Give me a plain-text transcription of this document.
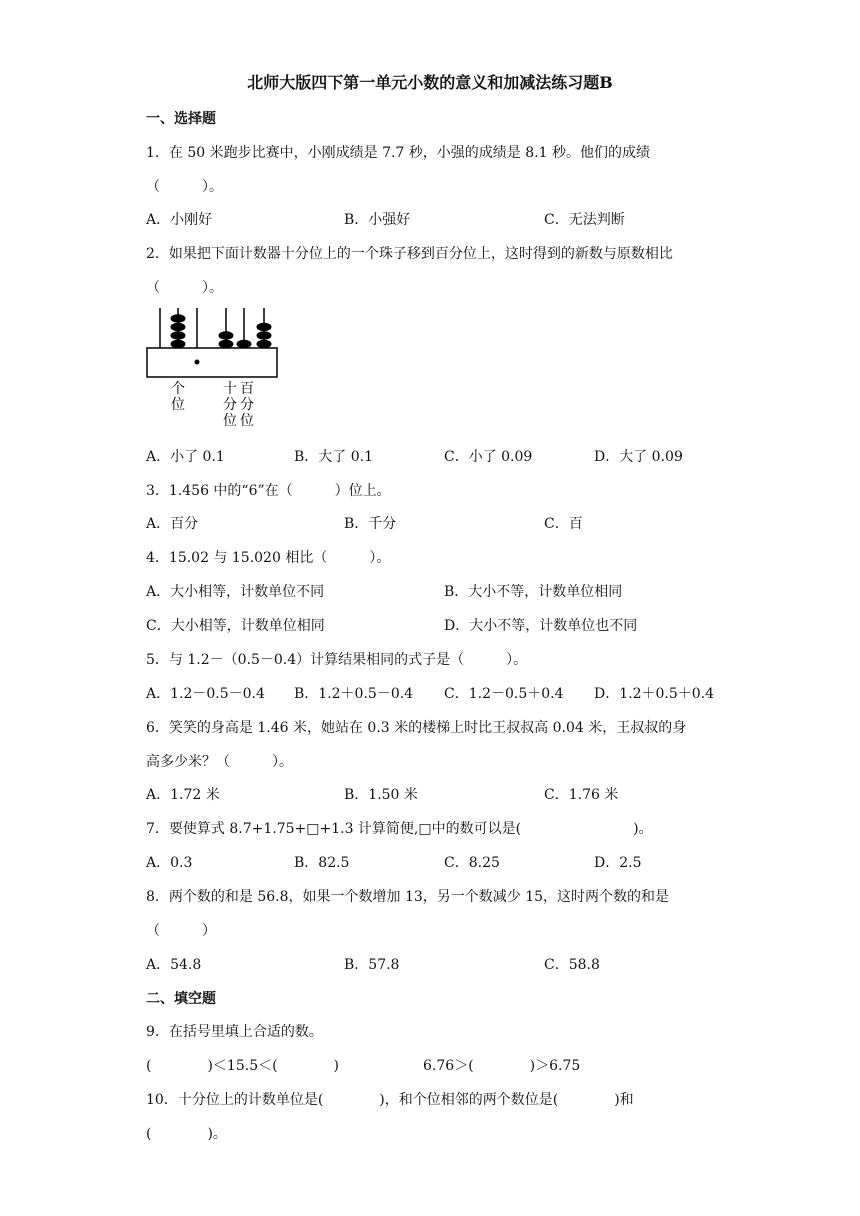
北师大版四下第一单元小数的意义和加减法练习题B
一、选择题
1．在 50 米跑步比赛中，小刚成绩是 7.7 秒，小强的成绩是 8.1 秒。他们的成绩
（　　　）。
A．小刚好	B．小强好	C．无法判断
2．如果把下面计数器十分位上的一个珠子移到百分位上，这时得到的新数与原数相比
（　　　）。
个
位
十
分
位
百
分
位
A．小了 0.1	B．大了 0.1	C．小了 0.09	D．大了 0.09
3．1.456 中的“6”在（　　　）位上。
A．百分	B．千分	C．百
4．15.02 与 15.020 相比（　　　）。
A．大小相等，计数单位不同	B．大小不等，计数单位相同
C．大小相等，计数单位相同	D．大小不等，计数单位也不同
5．与 1.2－（0.5－0.4）计算结果相同的式子是（　　　）。
A．1.2－0.5－0.4 B．1.2＋0.5－0.4 C．1.2－0.5＋0.4 D．1.2＋0.5＋0.4
6．笑笑的身高是 1.46 米，她站在 0.3 米的楼梯上时比王叔叔高 0.04 米，王叔叔的身
高多少米？（　　　）。
A．1.72 米	B．1.50 米	C．1.76 米
7．要使算式 8.7+1.75+□+1.3 计算简便,□中的数可以是(　　　　　　　　)。
A．0.3	B．82.5	C．8.25	D．2.5
8．两个数的和是 56.8，如果一个数增加 13，另一个数减少 15，这时两个数的和是
（　　　）
A．54.8	B．57.8	C．58.8
二、填空题
9．在括号里填上合适的数。
(　　　　)＜15.5＜(　　　　)　　　　　　6.76＞(　　　　)＞6.75
10．十分位上的计数单位是(　　　　)，和个位相邻的两个数位是(　　　　)和
(　　　　)。
